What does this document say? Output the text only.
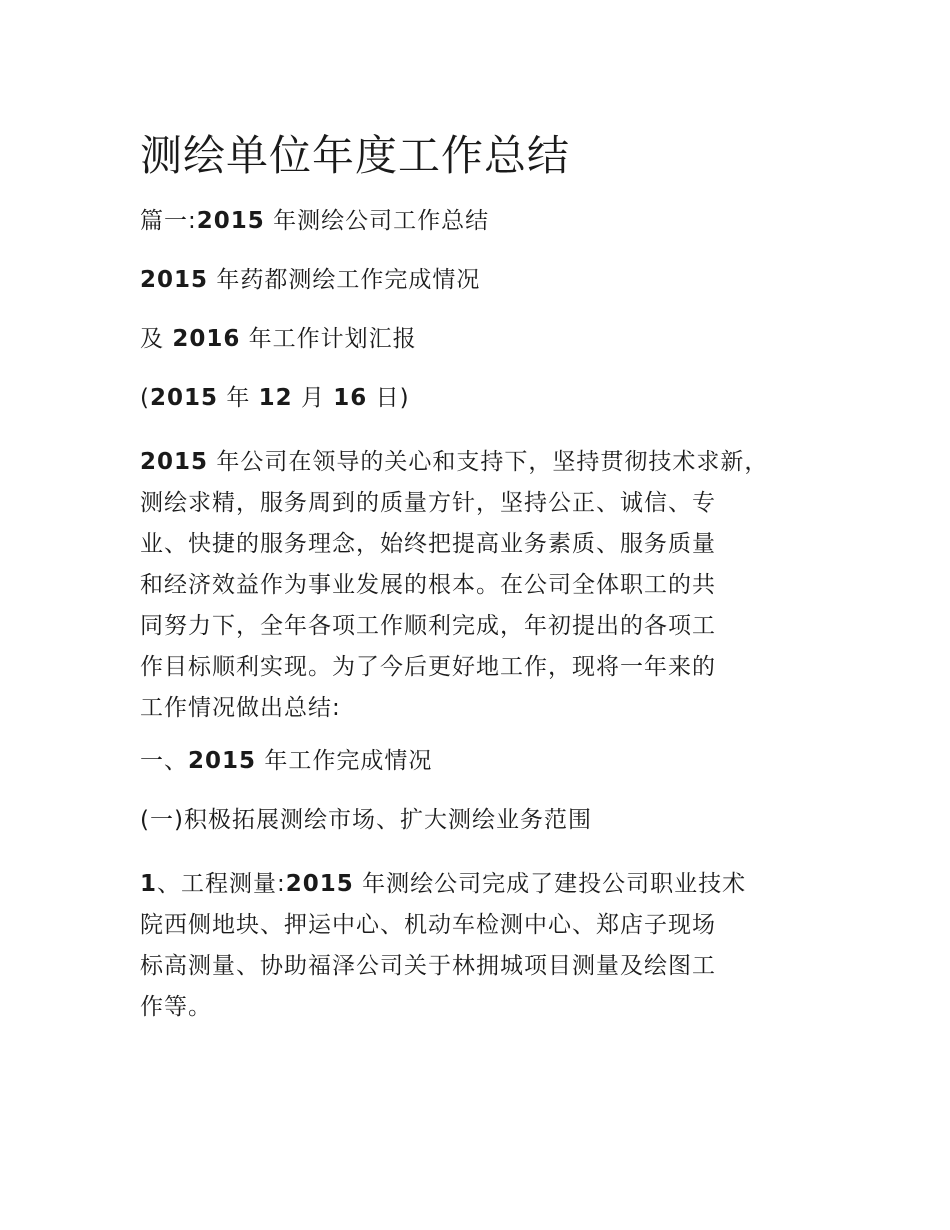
测绘单位年度工作总结
篇一:2015 年测绘公司工作总结
2015 年药都测绘工作完成情况
及 2016 年工作计划汇报
(2015 年 12 月 16 日)
2015 年公司在领导的关心和支持下，坚持贯彻技术求新，
测绘求精，服务周到的质量方针，坚持公正、诚信、专
业、快捷的服务理念，始终把提高业务素质、服务质量
和经济效益作为事业发展的根本。在公司全体职工的共
同努力下，全年各项工作顺利完成，年初提出的各项工
作目标顺利实现。为了今后更好地工作，现将一年来的
工作情况做出总结:
一、2015 年工作完成情况
(一)积极拓展测绘市场、扩大测绘业务范围
1、工程测量:2015 年测绘公司完成了建投公司职业技术
院西侧地块、押运中心、机动车检测中心、郑店子现场
标高测量、协助福泽公司关于林拥城项目测量及绘图工
作等。
